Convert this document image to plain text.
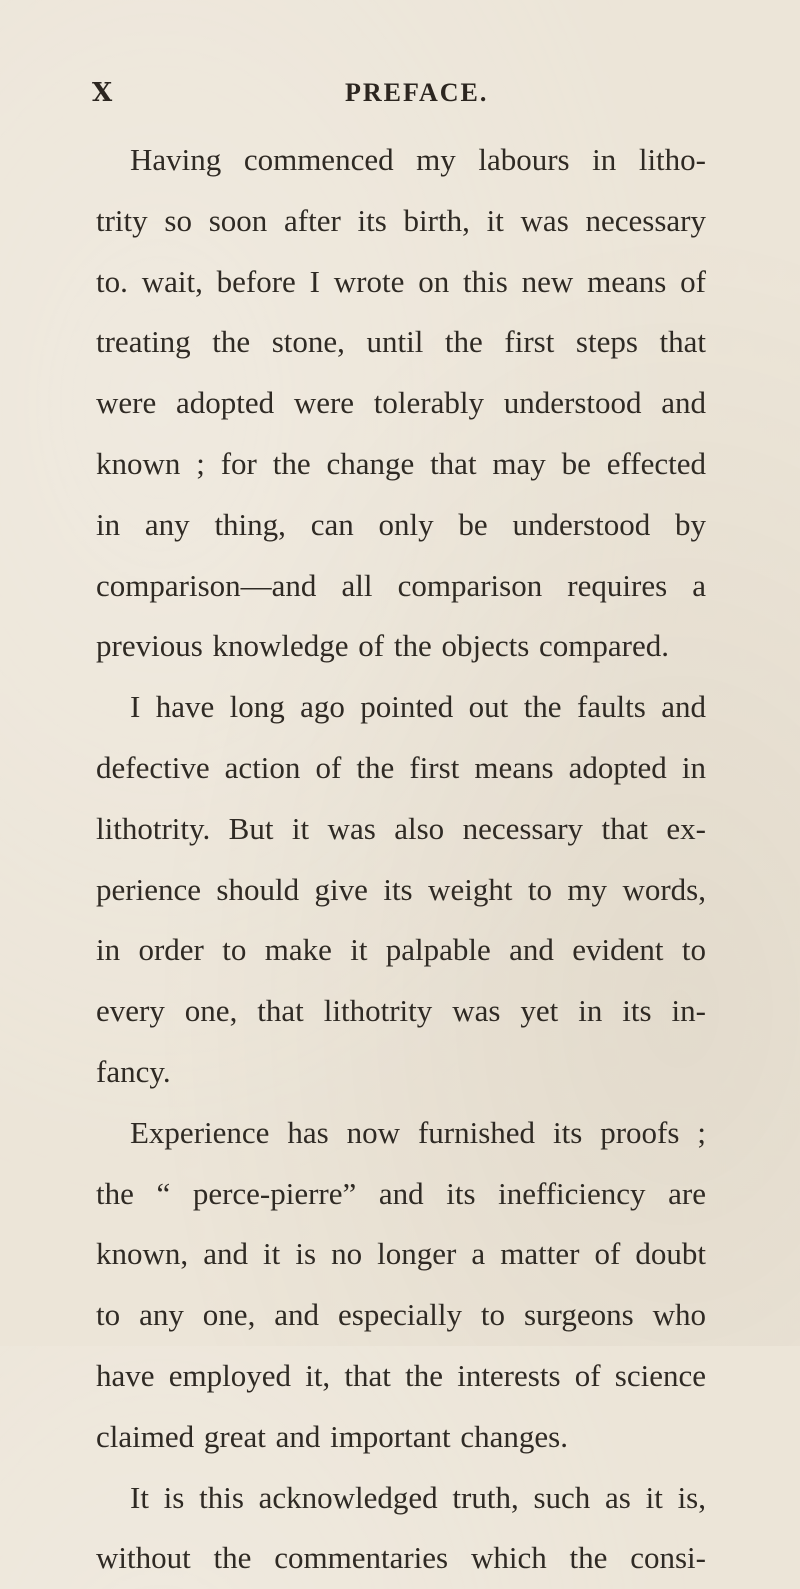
X	PREFACE.
Having commenced my labours in litho-
trity so soon after its birth, it was necessary
to. wait, before I wrote on this new means of
treating the stone, until the first steps that
were adopted were tolerably understood and
known ; for the change that may be effected
in any thing, can only be understood by
comparison—and all comparison requires a
previous knowledge of the objects compared.
I have long ago pointed out the faults and
defective action of the first means adopted in
lithotrity. But it was also necessary that ex-
perience should give its weight to my words,
in order to make it palpable and evident to
every one, that lithotrity was yet in its in-
fancy.
Experience has now furnished its proofs ;
the “ perce-pierre” and its inefficiency are
known, and it is no longer a matter of doubt
to any one, and especially to surgeons who
have employed it, that the interests of science
claimed great and important changes.
It is this acknowledged truth, such as it is,
without the commentaries which the consi-
